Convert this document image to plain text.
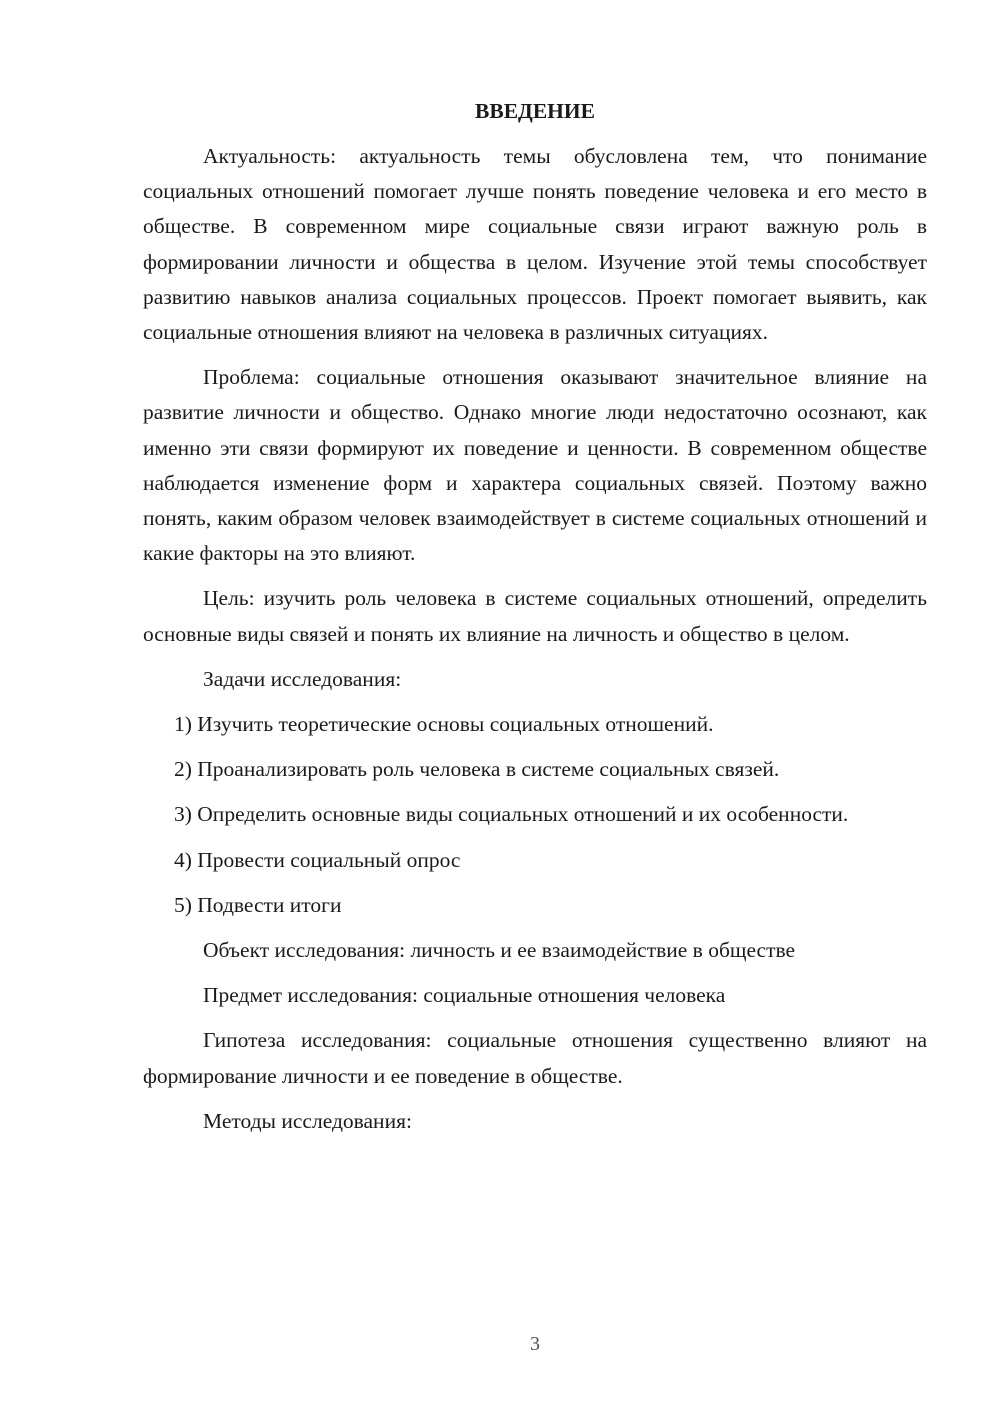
ВВЕДЕНИЕ

Актуальность: актуальность темы обусловлена тем, что понимание социальных отношений помогает лучше понять поведение человека и его место в обществе. В современном мире социальные связи играют важную роль в формировании личности и общества в целом. Изучение этой темы способствует развитию навыков анализа социальных процессов. Проект помогает выявить, как социальные отношения влияют на человека в различных ситуациях.

Проблема: социальные отношения оказывают значительное влияние на развитие личности и общество. Однако многие люди недостаточно осознают, как именно эти связи формируют их поведение и ценности. В современном обществе наблюдается изменение форм и характера социальных связей. Поэтому важно понять, каким образом человек взаимодействует в системе социальных отношений и какие факторы на это влияют.

Цель: изучить роль человека в системе социальных отношений, определить основные виды связей и понять их влияние на личность и общество в целом.

Задачи исследования:

1) Изучить теоретические основы социальных отношений.

2) Проанализировать роль человека в системе социальных связей.

3) Определить основные виды социальных отношений и их особенности.

4) Провести социальный опрос

5) Подвести итоги

Объект исследования: личность и ее взаимодействие в обществе

Предмет исследования: социальные отношения человека

Гипотеза исследования: социальные отношения существенно влияют на формирование личности и ее поведение в обществе.

Методы исследования:

3
